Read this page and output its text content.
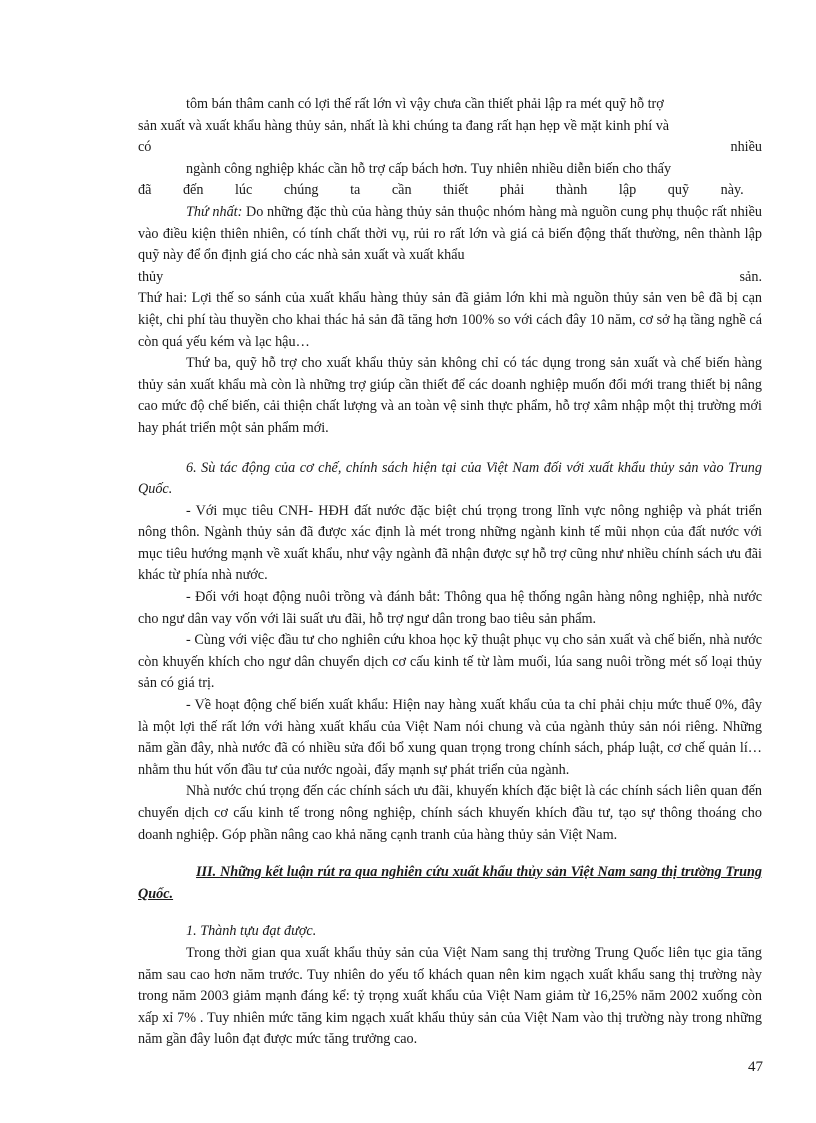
tôm bán thâm canh có lợi thế rất lớn vì vậy chưa cần thiết phải lập ra mét quỹ hỗ trợ

sản xuất và xuất khẩu hàng thủy sản, nhất là khi chúng ta đang rất hạn hẹp về mặt kinh phí và

có	nhiều

ngành công nghiệp khác cần hỗ trợ cấp bách hơn. Tuy nhiên nhiều diễn biến cho thấy

đã đến lúc chúng ta cần thiết phải thành lập quỹ này.

Thứ nhất: Do những đặc thù của hàng thủy sản thuộc nhóm hàng mà nguồn cung phụ thuộc rất nhiều vào điều kiện thiên nhiên, có tính chất thời vụ, rủi ro rất lớn và giá cả biến động thất thường, nên thành lập quỹ này để ổn định giá cho các nhà sản xuất và xuất khẩu

thủy	sản.

Thứ hai: Lợi thế so sánh của xuất khẩu hàng thủy sản đã giảm lớn khi mà nguồn thủy sản ven bê đã bị cạn kiệt, chi phí tàu thuyền cho khai thác hả sản đã tăng hơn 100% so với cách đây 10 năm, cơ sở hạ tầng nghề cá còn quá yếu kém và lạc hậu…

Thứ ba, quỹ hỗ trợ cho xuất khẩu thủy sản không chỉ có tác dụng trong sản xuất và chế biến hàng thủy sản xuất khẩu mà còn là những trợ giúp cần thiết để các doanh nghiệp muốn đổi mới trang thiết bị nâng cao mức độ chế biến, cải thiện chất lượng và an toàn vệ sinh thực phẩm, hỗ trợ xâm nhập một thị trường mới hay phát triển một sản phẩm mới.

6. Sù tác động của cơ chế, chính sách hiện tại của Việt Nam đối với xuất khẩu thủy sản vào Trung Quốc.

- Với mục tiêu CNH- HĐH đất nước đặc biệt chú trọng trong lĩnh vực nông nghiệp và phát triển nông thôn. Ngành thủy sản đã được xác định là mét trong những ngành kinh tế mũi nhọn của đất nước với mục tiêu hướng mạnh về xuất khẩu, như vậy ngành đã nhận được sự hỗ trợ cũng như nhiều chính sách ưu đãi khác từ phía nhà nước.

- Đối với hoạt động nuôi trồng và đánh bắt: Thông qua hệ thống ngân hàng nông nghiệp, nhà nước cho ngư dân vay vốn với lãi suất ưu đãi, hỗ trợ ngư dân trong bao tiêu sản phẩm.

- Cùng với việc đầu tư cho nghiên cứu khoa học kỹ thuật phục vụ cho sản xuất và chế biến, nhà nước còn khuyến khích cho ngư dân chuyển dịch cơ cấu kinh tế từ làm muối, lúa sang nuôi trồng mét số loại thủy sản có giá trị.

- Về hoạt động chế biến xuất khẩu: Hiện nay hàng xuất khẩu của ta chỉ phải chịu mức thuế 0%, đây là một lợi thế rất lớn với hàng xuất khẩu của Việt Nam nói chung và của ngành thủy sản nói riêng. Những năm gần đây, nhà nước đã có nhiều sửa đổi bổ xung quan trọng trong chính sách, pháp luật, cơ chế quản lí… nhằm thu hút vốn đầu tư của nước ngoài, đẩy mạnh sự phát triển của ngành.

Nhà nước chú trọng đến các chính sách ưu đãi, khuyến khích đặc biệt là các chính sách liên quan đến chuyển dịch cơ cấu kinh tế trong nông nghiệp, chính sách khuyến khích đầu tư, tạo sự thông thoáng cho doanh nghiệp. Góp phần nâng cao khả năng cạnh tranh của hàng thủy sản Việt Nam.

III. Những kết luận rút ra qua nghiên cứu xuất khẩu thủy sản Việt Nam sang thị trường Trung Quốc.

1. Thành tựu đạt được.

Trong thời gian qua xuất khẩu thủy sản của Việt Nam sang thị trường Trung Quốc liên tục gia tăng năm sau cao hơn năm trước. Tuy nhiên do yếu tố khách quan nên kim ngạch xuất khẩu sang thị trường này trong năm 2003 giảm mạnh đáng kể: tỷ trọng xuất khẩu của Việt Nam giảm từ 16,25% năm 2002 xuống còn xấp xỉ 7% . Tuy nhiên mức tăng kim ngạch xuất khẩu thủy sản của Việt Nam vào thị trường này trong những năm gần đây luôn đạt được mức tăng trưởng cao.

47
